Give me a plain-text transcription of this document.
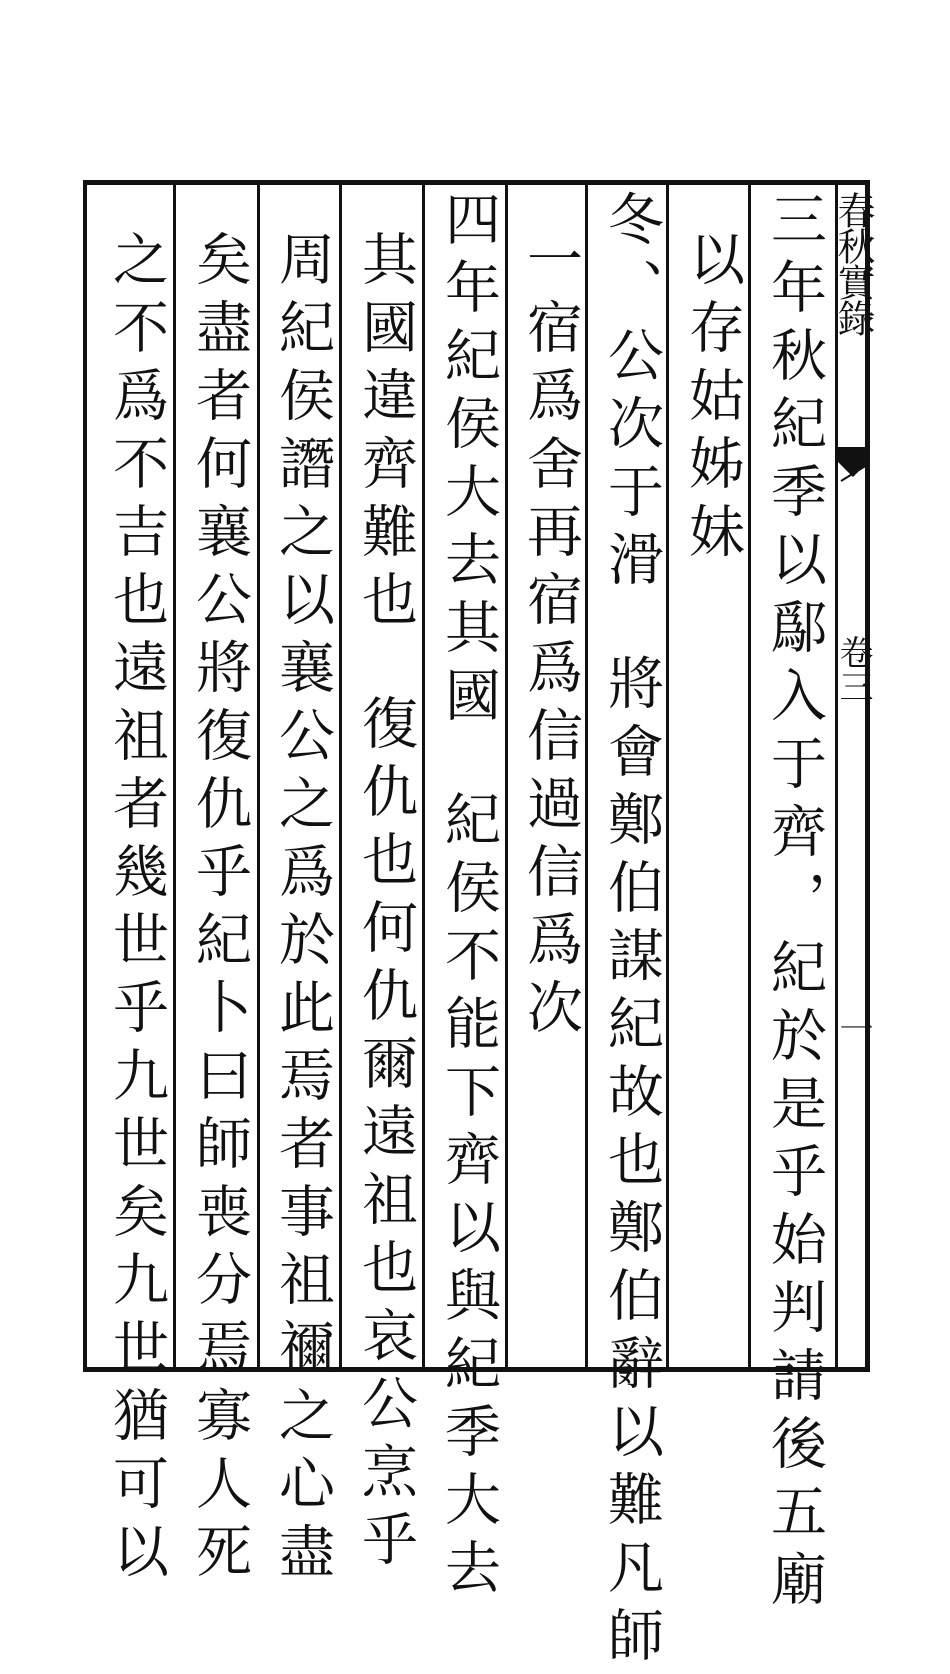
春秋實錄
卷三
一
三年秋紀季以鄬入于齊，紀於是乎始判請後五廟
以存姑姊妹
冬、公次于滑將會鄭伯謀紀故也鄭伯辭以難凡師
一宿爲舍再宿爲信過信爲次
四年紀侯大去其國紀侯不能下齊以與紀季大去
其國違齊難也復仇也何仇爾遠祖也哀公烹乎
周紀侯譖之以襄公之爲於此焉者事祖禰之心盡
矣盡者何襄公將復仇乎紀卜曰師喪分焉寡人死
之不爲不吉也遠祖者幾世乎九世矣九世猶可以
